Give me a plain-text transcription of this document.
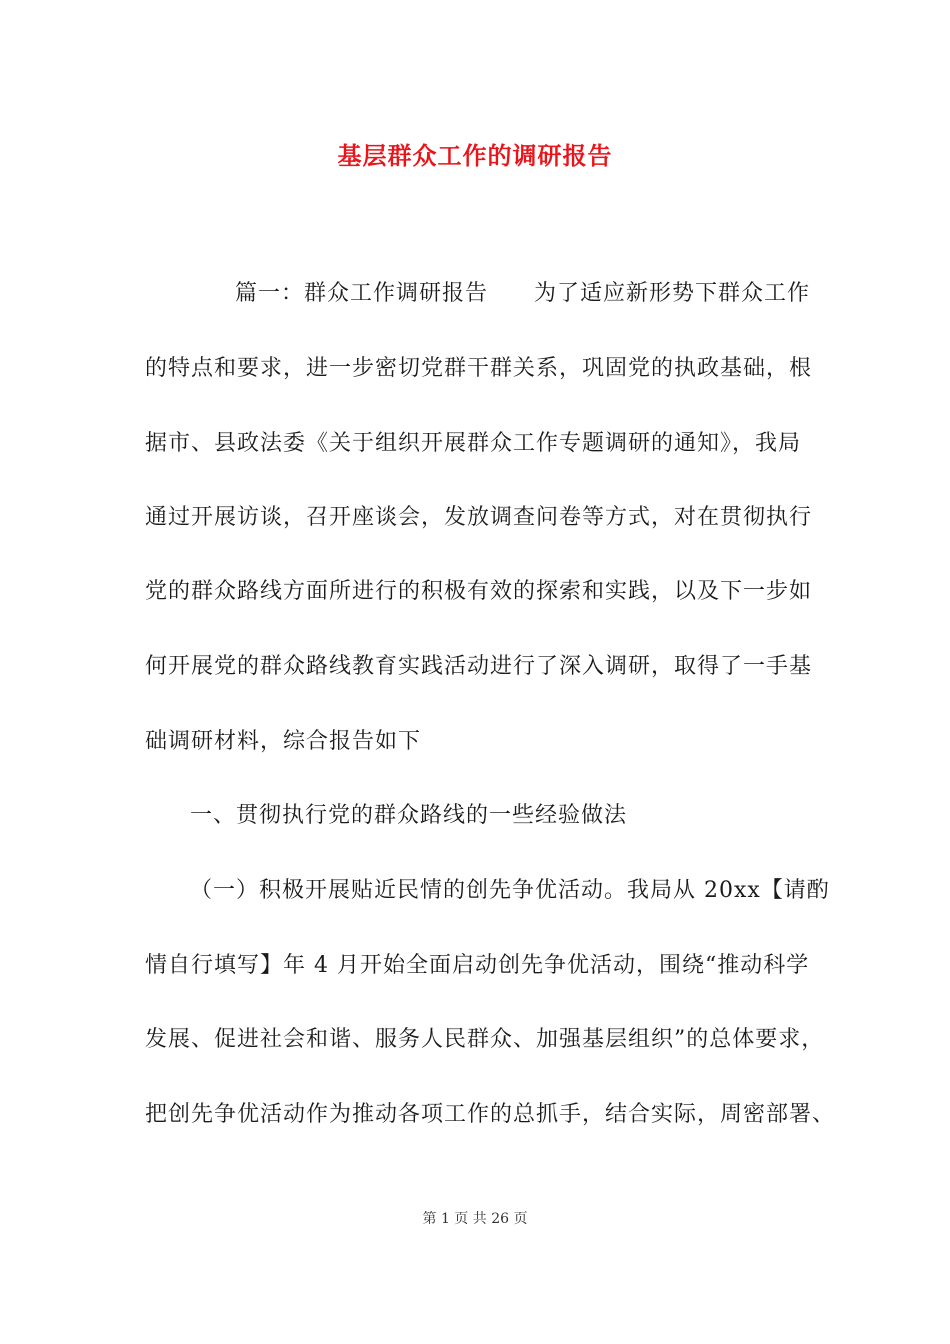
基层群众工作的调研报告
篇一：群众工作调研报告　　为了适应新形势下群众工作
的特点和要求，进一步密切党群干群关系，巩固党的执政基础，根
据市、县政法委《关于组织开展群众工作专题调研的通知》，我局
通过开展访谈，召开座谈会，发放调查问卷等方式，对在贯彻执行
党的群众路线方面所进行的积极有效的探索和实践，以及下一步如
何开展党的群众路线教育实践活动进行了深入调研，取得了一手基
础调研材料，综合报告如下
一、贯彻执行党的群众路线的一些经验做法
（一）积极开展贴近民情的创先争优活动。我局从 20xx【请酌
情自行填写】年 4 月开始全面启动创先争优活动，围绕“推动科学
发展、促进社会和谐、服务人民群众、加强基层组织”的总体要求，
把创先争优活动作为推动各项工作的总抓手，结合实际，周密部署、
第 1 页 共 26 页
